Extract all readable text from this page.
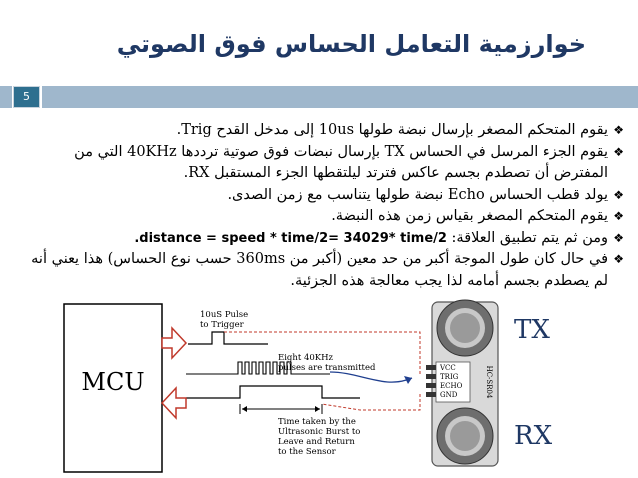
خوارزمية التعامل الحساس فوق الصوتي
5
❖
يقوم المتحكم المصغر بإرسال نبضة طولها 10us إلى مدخل القدح Trig.
❖
يقوم الجزء المرسل في الحساس TX بإرسال نبضات فوق صوتية ترددها 40KHz التي من المفترض أن تصطدم بجسم عاكس فترتد ليلتقطها الجزء المستقبل RX.
❖
يولد قطب الحساس Echo نبضة طولها يتناسب مع زمن الصدى.
❖
يقوم المتحكم المصغر بقياس زمن هذه النبضة.
❖
ومن ثم يتم تطبيق العلاقة: .distance = speed * time/2= 34029* time/2
❖
في حال كان طول الموجة أكبر من حد معين (أكبر من 360ms حسب نوع الحساس) هذا يعني أنه لم يصطدم بجسم أمامه لذا يجب معالجة هذه الجزئية.
MCU
10uS Pulse
to Trigger
Eight 40KHz
pulses are transmitted
Time taken by the
Ultrasonic Burst to
Leave and Return
to the Sensor
VCC
TRIG
ECHO
GND	HC-SR04
TX
RX
